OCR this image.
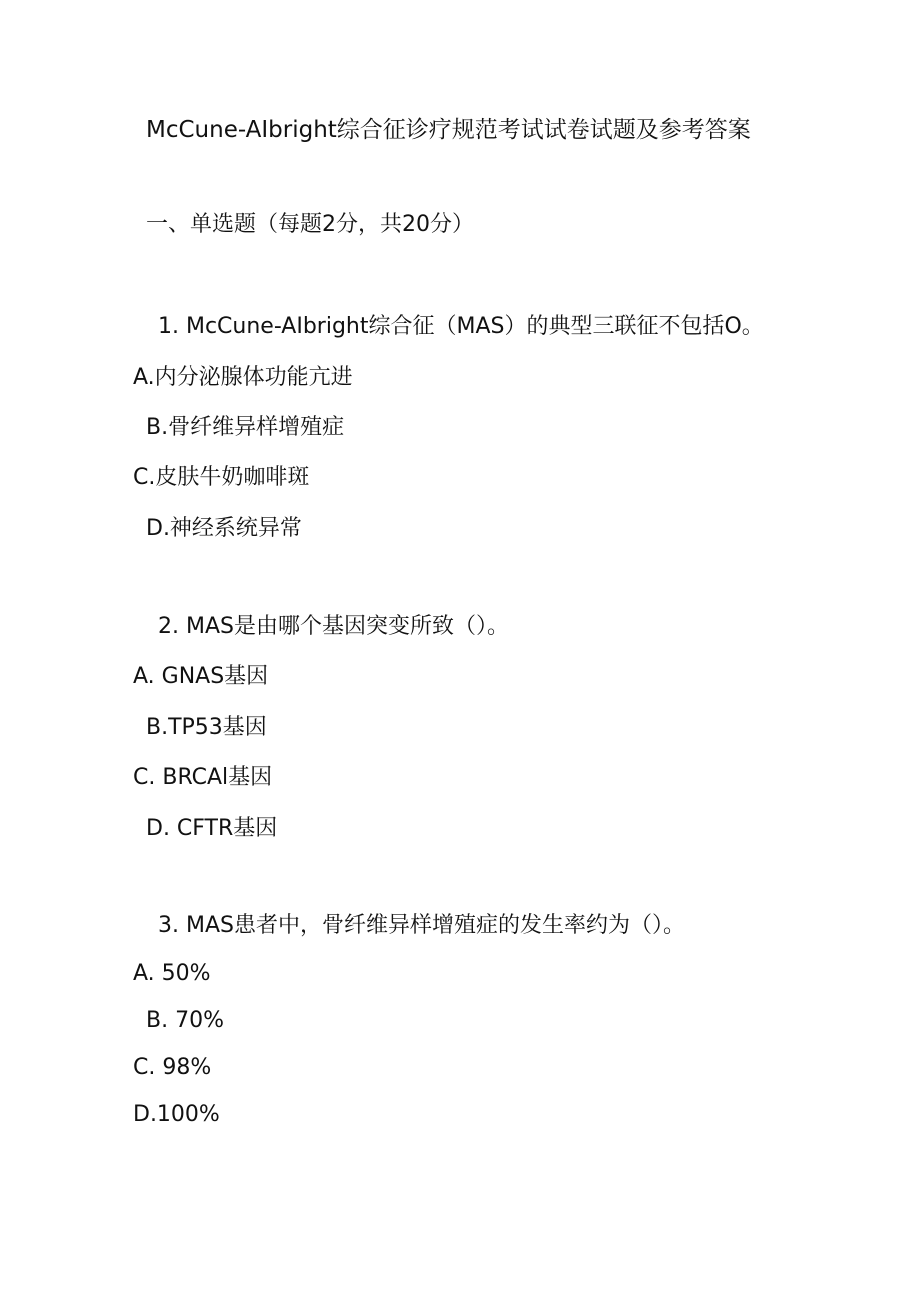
McCune-AIbright综合征诊疗规范考试试卷试题及参考答案
一、单选题（每题2分，共20分）
1. McCune-AIbright综合征（MAS）的典型三联征不包括O。
A.内分泌腺体功能亢进
B.骨纤维异样增殖症
C.皮肤牛奶咖啡斑
D.神经系统异常
2. MAS是由哪个基因突变所致（）。
A. GNAS基因
B.TP53基因
C. BRCAl基因
D. CFTR基因
3. MAS患者中，骨纤维异样增殖症的发生率约为（）。
A. 50%
B. 70%
C. 98%
D.100%
